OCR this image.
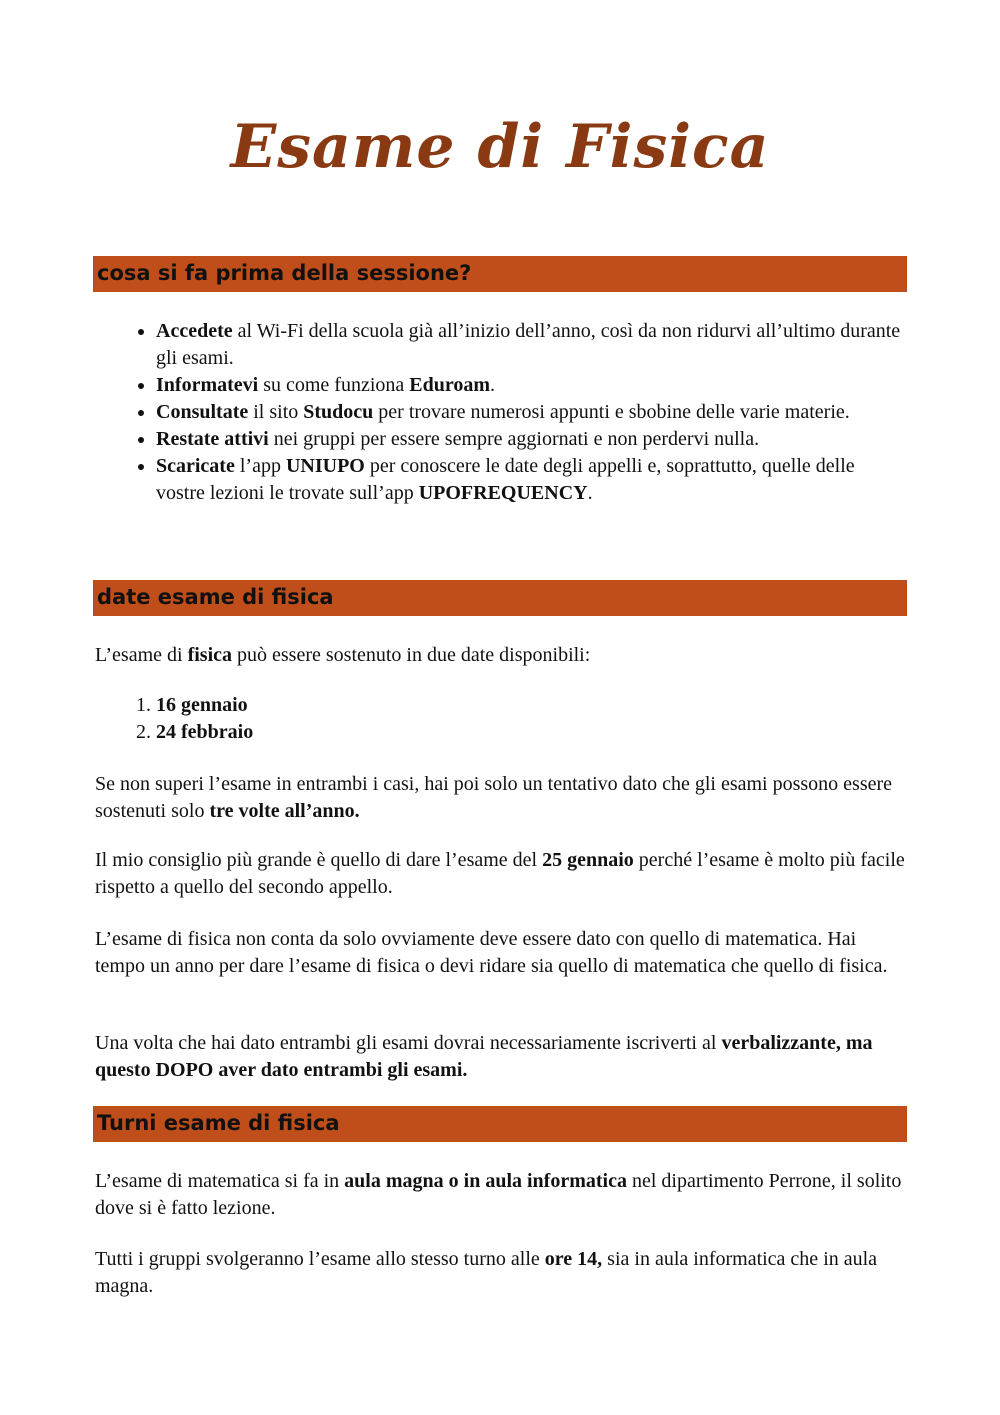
Esame di Fisica
cosa si fa prima della sessione?
• Accedete al Wi-Fi della scuola già all’inizio dell’anno, così da non ridurvi all’ultimo durante gli esami.
• Informatevi su come funziona Eduroam.
• Consultate il sito Studocu per trovare numerosi appunti e sbobine delle varie materie.
• Restate attivi nei gruppi per essere sempre aggiornati e non perdervi nulla.
• Scaricate l’app UNIUPO per conoscere le date degli appelli e, soprattutto, quelle delle vostre lezioni le trovate sull’app UPOFREQUENCY.
date esame di fisica

L’esame di fisica può essere sostenuto in due date disponibili:

1. 16 gennaio
2. 24 febbraio
Se non superi l’esame in entrambi i casi, hai poi solo un tentativo dato che gli esami possono essere sostenuti solo tre volte all’anno.
Il mio consiglio più grande è quello di dare l’esame del 25 gennaio perché l’esame è molto più facile rispetto a quello del secondo appello.
L’esame di fisica non conta da solo ovviamente deve essere dato con quello di matematica. Hai tempo un anno per dare l’esame di fisica o devi ridare sia quello di matematica che quello di fisica.
Una volta che hai dato entrambi gli esami dovrai necessariamente iscriverti al verbalizzante, ma questo DOPO aver dato entrambi gli esami.
Turni esame di fisica
L’esame di matematica si fa in aula magna o in aula informatica nel dipartimento Perrone, il solito dove si è fatto lezione.
Tutti i gruppi svolgeranno l’esame allo stesso turno alle ore 14, sia in aula informatica che in aula magna.
